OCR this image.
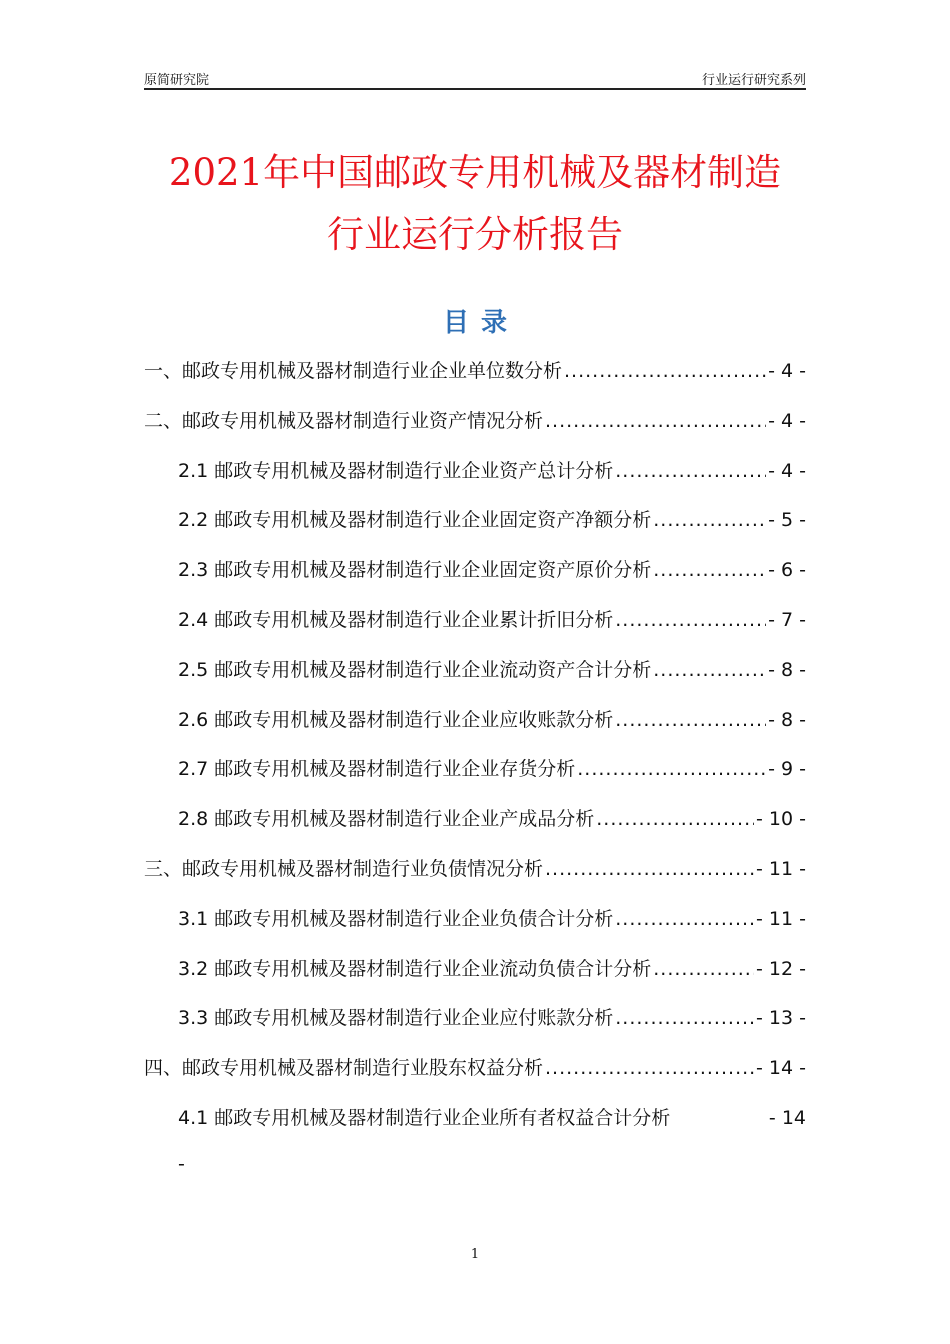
原简研究院	行业运行研究系列
2021年中国邮政专用机械及器材制造
行业运行分析报告
目录
一、邮政专用机械及器材制造行业企业单位数分析 .....	- 4 -
二、邮政专用机械及器材制造行业资产情况分析 .....	- 4 -
2.1 邮政专用机械及器材制造行业企业资产总计分析 .....	- 4 -
2.2 邮政专用机械及器材制造行业企业固定资产净额分析 .....	- 5 -
2.3 邮政专用机械及器材制造行业企业固定资产原价分析 .....	- 6 -
2.4 邮政专用机械及器材制造行业企业累计折旧分析 .....	- 7 -
2.5 邮政专用机械及器材制造行业企业流动资产合计分析 .....	- 8 -
2.6 邮政专用机械及器材制造行业企业应收账款分析 .....	- 8 -
2.7 邮政专用机械及器材制造行业企业存货分析 .....	- 9 -
2.8 邮政专用机械及器材制造行业企业产成品分析 .....	- 10 -
三、邮政专用机械及器材制造行业负债情况分析 .....	- 11 -
3.1 邮政专用机械及器材制造行业企业负债合计分析 .....	- 11 -
3.2 邮政专用机械及器材制造行业企业流动负债合计分析 .....	- 12 -
3.3 邮政专用机械及器材制造行业企业应付账款分析 .....	- 13 -
四、邮政专用机械及器材制造行业股东权益分析 .....	- 14 -
4.1 邮政专用机械及器材制造行业企业所有者权益合计分析	- 14
-
1
